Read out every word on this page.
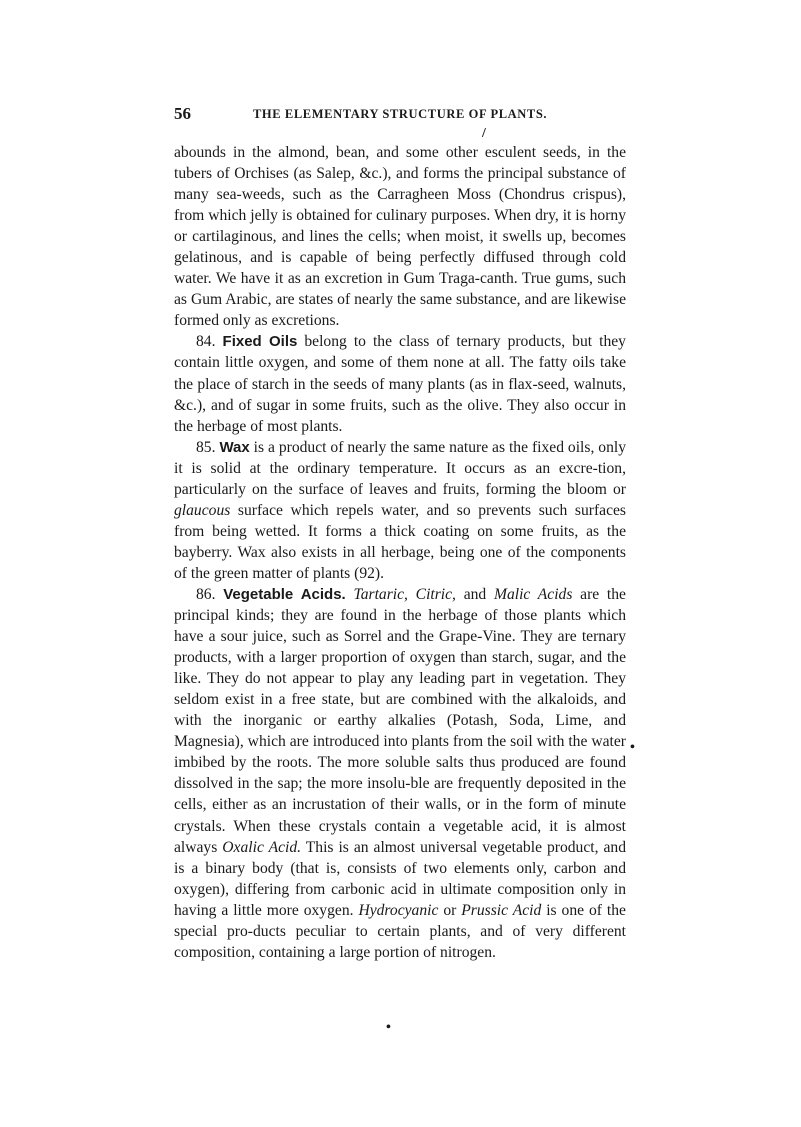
56	THE ELEMENTARY STRUCTURE OF PLANTS.

abounds in the almond, bean, and some other esculent seeds, in the tubers of Orchises (as Salep, &c.), and forms the principal substance of many sea-weeds, such as the Carragheen Moss (Chondrus crispus), from which jelly is obtained for culinary purposes. When dry, it is horny or cartilaginous, and lines the cells; when moist, it swells up, becomes gelatinous, and is capable of being perfectly diffused through cold water. We have it as an excretion in Gum Traga-canth. True gums, such as Gum Arabic, are states of nearly the same substance, and are likewise formed only as excretions.

84. Fixed Oils belong to the class of ternary products, but they contain little oxygen, and some of them none at all. The fatty oils take the place of starch in the seeds of many plants (as in flax-seed, walnuts, &c.), and of sugar in some fruits, such as the olive. They also occur in the herbage of most plants.

85. Wax is a product of nearly the same nature as the fixed oils, only it is solid at the ordinary temperature. It occurs as an excre-tion, particularly on the surface of leaves and fruits, forming the bloom or glaucous surface which repels water, and so prevents such surfaces from being wetted. It forms a thick coating on some fruits, as the bayberry. Wax also exists in all herbage, being one of the components of the green matter of plants (92).

86. Vegetable Acids. Tartaric, Citric, and Malic Acids are the principal kinds; they are found in the herbage of those plants which have a sour juice, such as Sorrel and the Grape-Vine. They are ternary products, with a larger proportion of oxygen than starch, sugar, and the like. They do not appear to play any leading part in vegetation. They seldom exist in a free state, but are combined with the alkaloids, and with the inorganic or earthy alkalies (Potash, Soda, Lime, and Magnesia), which are introduced into plants from the soil with the water imbibed by the roots. The more soluble salts thus produced are found dissolved in the sap; the more insolu-ble are frequently deposited in the cells, either as an incrustation of their walls, or in the form of minute crystals. When these crystals contain a vegetable acid, it is almost always Oxalic Acid. This is an almost universal vegetable product, and is a binary body (that is, consists of two elements only, carbon and oxygen), differing from carbonic acid in ultimate composition only in having a little more oxygen. Hydrocyanic or Prussic Acid is one of the special pro-ducts peculiar to certain plants, and of very different composition, containing a large portion of nitrogen.

/
•
•
